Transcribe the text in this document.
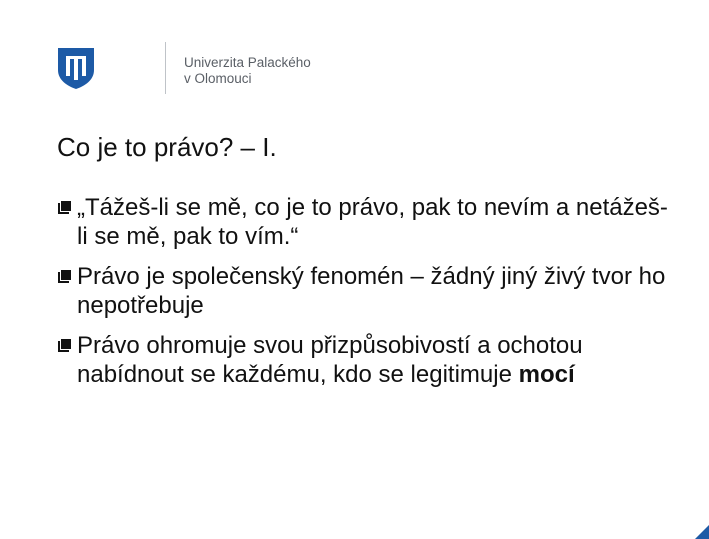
Univerzita Palackého
v Olomouci
Co je to právo? – I.
„Tážeš-li se mě, co je to právo, pak to nevím a netážeš-li se mě, pak to vím.“
Právo je společenský fenomén – žádný jiný živý tvor ho nepotřebuje
Právo ohromuje svou přizpůsobivostí a ochotou nabídnout se každému, kdo se legitimuje mocí
